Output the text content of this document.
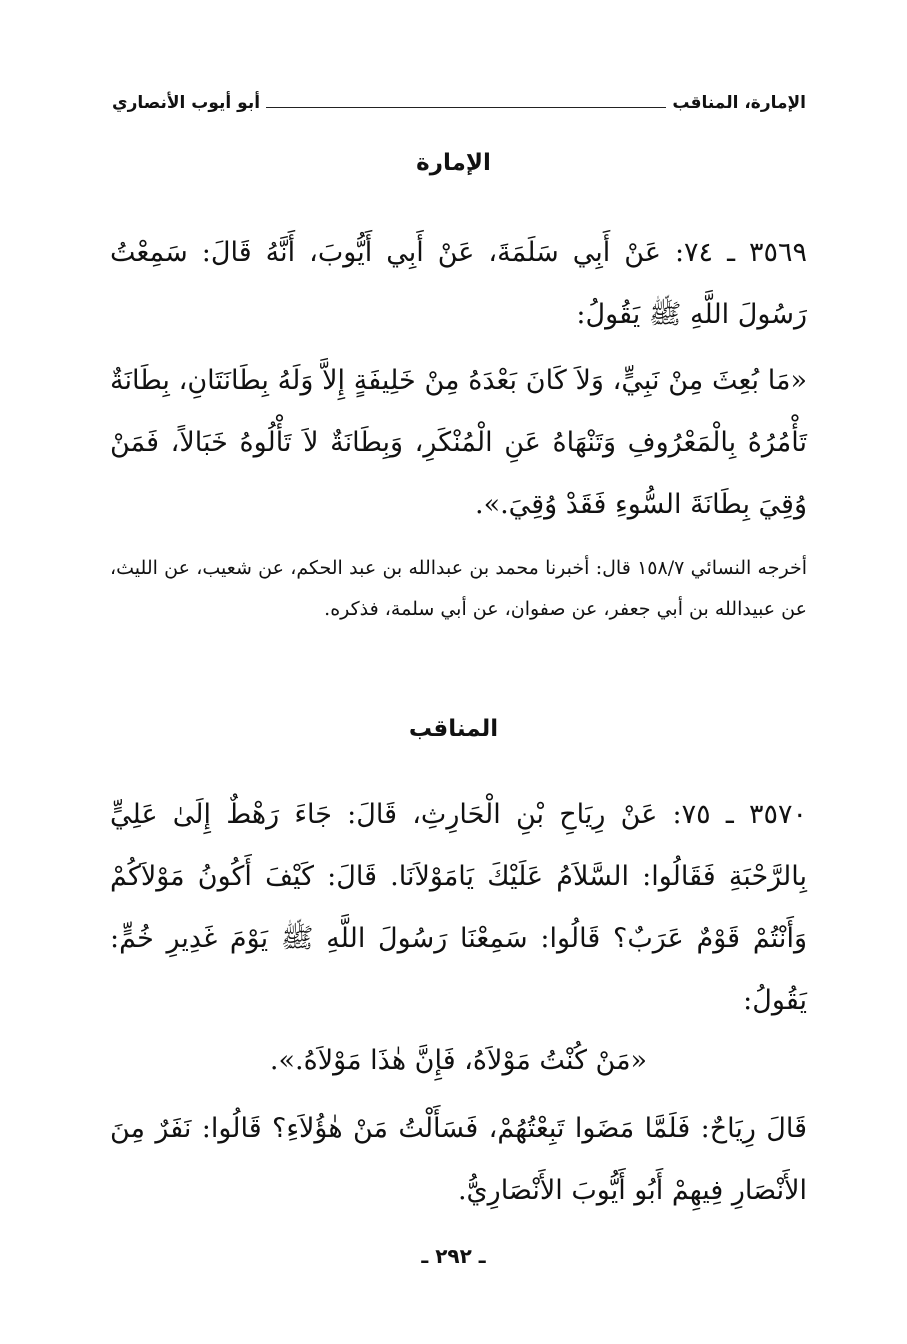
الإمارة، المناقب
أبو أيوب الأنصاري
الإمارة
٣٥٦٩ ـ ٧٤: عَنْ أَبِي سَلَمَةَ، عَنْ أَبِي أَيُّوبَ، أَنَّهُ قَالَ: سَمِعْتُ رَسُولَ اللَّهِ ﷺ يَقُولُ:
«مَا بُعِثَ مِنْ نَبِيٍّ، وَلاَ كَانَ بَعْدَهُ مِنْ خَلِيفَةٍ إِلاَّ وَلَهُ بِطَانَتَانِ، بِطَانَةٌ تَأْمُرُهُ بِالْمَعْرُوفِ وَتَنْهَاهُ عَنِ الْمُنْكَرِ، وَبِطَانَةٌ لاَ تَأْلُوهُ خَبَالاً، فَمَنْ وُقِيَ بِطَانَةَ السُّوءِ فَقَدْ وُقِيَ.».
أخرجه النسائي ١٥٨/٧ قال: أخبرنا محمد بن عبدالله بن عبد الحكم، عن شعيب، عن الليث، عن عبيدالله بن أبي جعفر، عن صفوان، عن أبي سلمة، فذكره.
المناقب
٣٥٧٠ ـ ٧٥: عَنْ رِيَاحِ بْنِ الْحَارِثِ، قَالَ: جَاءَ رَهْطٌ إِلَىٰ عَلِيٍّ بِالرَّحْبَةِ فَقَالُوا: السَّلاَمُ عَلَيْكَ يَامَوْلاَنَا. قَالَ: كَيْفَ أَكُونُ مَوْلاَكُمْ وَأَنْتُمْ قَوْمٌ عَرَبٌ؟ قَالُوا: سَمِعْنَا رَسُولَ اللَّهِ ﷺ يَوْمَ غَدِيرِ خُمٍّ: يَقُولُ:
«مَنْ كُنْتُ مَوْلاَهُ، فَإِنَّ هٰذَا مَوْلاَهُ.».
قَالَ رِيَاحٌ: فَلَمَّا مَضَوا تَبِعْتُهُمْ، فَسَأَلْتُ مَنْ هٰؤُلاَءِ؟ قَالُوا: نَفَرٌ مِنَ الأَنْصَارِ فِيهِمْ أَبُو أَيُّوبَ الأَنْصَارِيُّ.
ـ ٢٩٢ ـ
